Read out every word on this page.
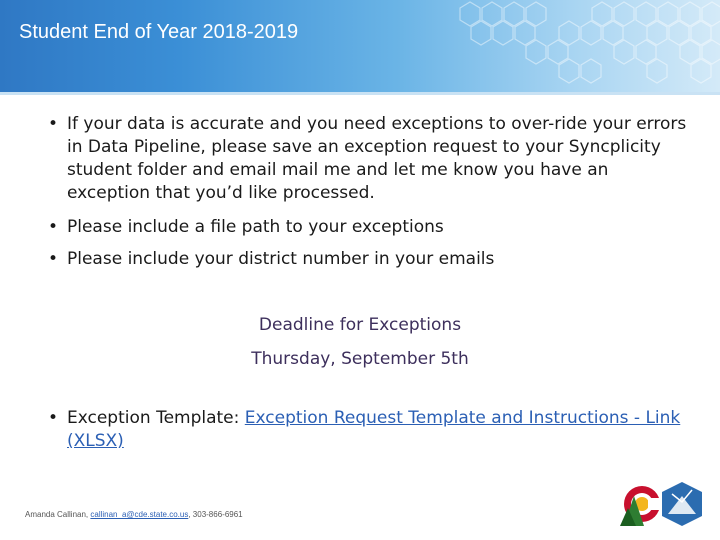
Student End of Year 2018-2019
• If your data is accurate and you need exceptions to over-ride your errors in Data Pipeline, please save an exception request to your Syncplicity student folder and email mail me and let me know you have an exception that you’d like processed.
• Please include a file path to your exceptions
• Please include your district number in your emails
Deadline for Exceptions
Thursday, September 5th
• Exception Template: Exception Request Template and Instructions - Link (XLSX)
Amanda Callinan, callinan_a@cde.state.co.us, 303-866-6961
